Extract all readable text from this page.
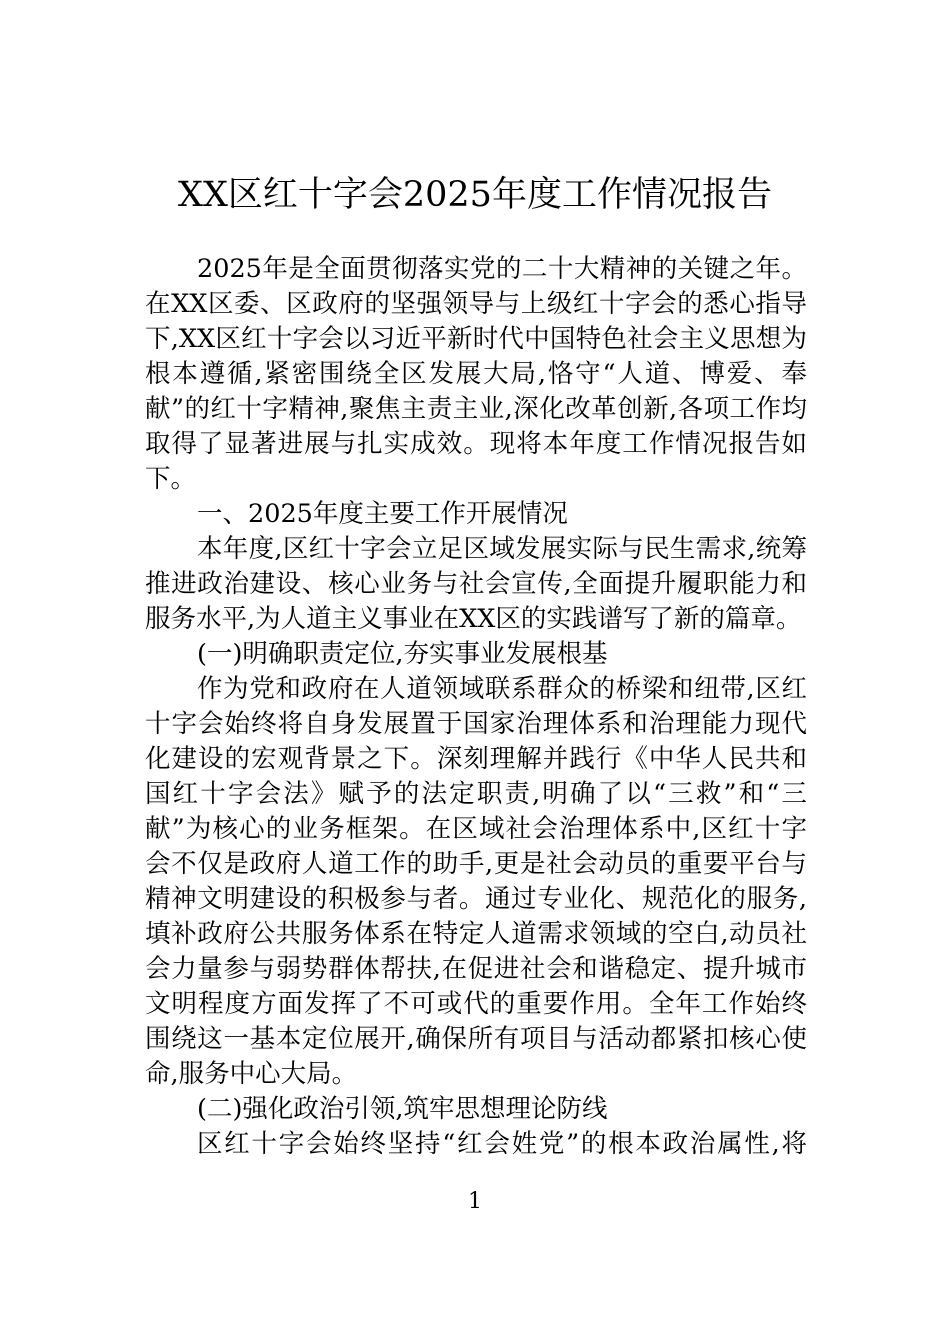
XX区红十字会2025年度工作情况报告
2025年是全面贯彻落实党的二十大精神的关键之年。
在XX区委、区政府的坚强领导与上级红十字会的悉心指导
下,XX区红十字会以习近平新时代中国特色社会主义思想为
根本遵循,紧密围绕全区发展大局,恪守“人道、博爱、奉
献”的红十字精神,聚焦主责主业,深化改革创新,各项工作均
取得了显著进展与扎实成效。现将本年度工作情况报告如
下。
一、2025年度主要工作开展情况
本年度,区红十字会立足区域发展实际与民生需求,统筹
推进政治建设、核心业务与社会宣传,全面提升履职能力和
服务水平,为人道主义事业在XX区的实践谱写了新的篇章。
(一)明确职责定位,夯实事业发展根基
作为党和政府在人道领域联系群众的桥梁和纽带,区红
十字会始终将自身发展置于国家治理体系和治理能力现代
化建设的宏观背景之下。深刻理解并践行《中华人民共和
国红十字会法》赋予的法定职责,明确了以“三救”和“三
献”为核心的业务框架。在区域社会治理体系中,区红十字
会不仅是政府人道工作的助手,更是社会动员的重要平台与
精神文明建设的积极参与者。通过专业化、规范化的服务,
填补政府公共服务体系在特定人道需求领域的空白,动员社
会力量参与弱势群体帮扶,在促进社会和谐稳定、提升城市
文明程度方面发挥了不可或代的重要作用。全年工作始终
围绕这一基本定位展开,确保所有项目与活动都紧扣核心使
命,服务中心大局。
(二)强化政治引领,筑牢思想理论防线
区红十字会始终坚持“红会姓党”的根本政治属性,将
1
